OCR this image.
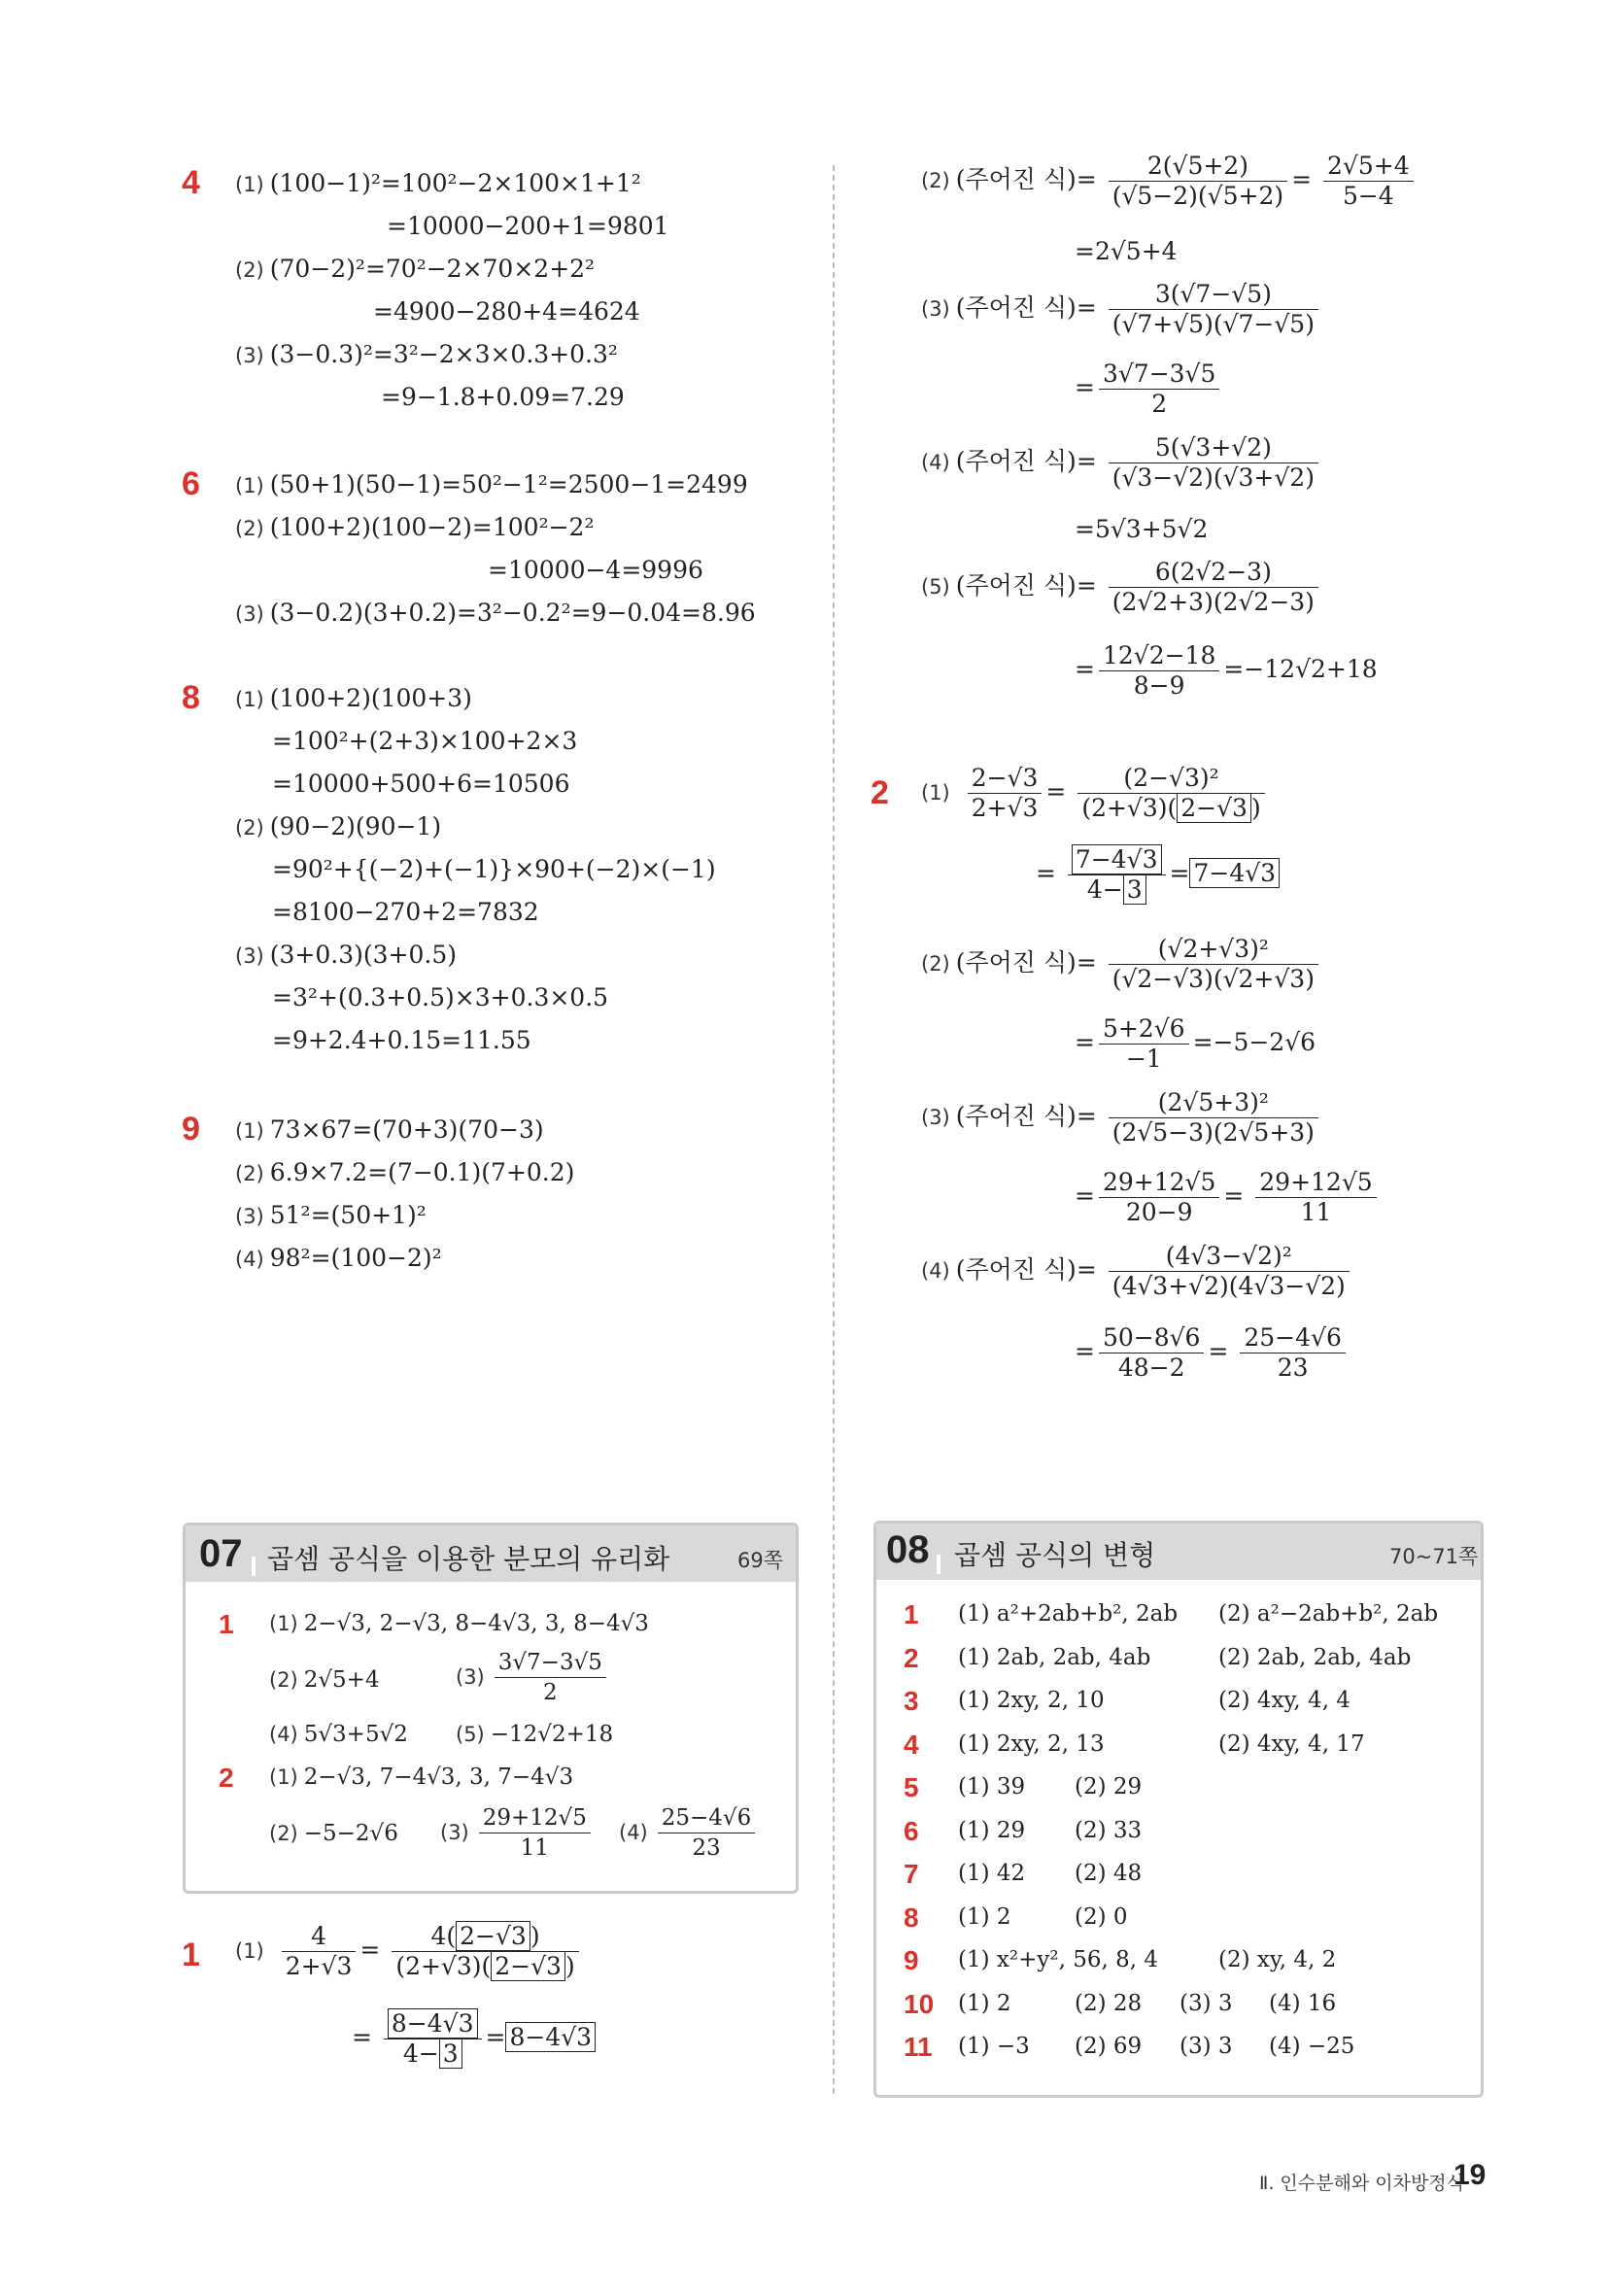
4 (1) (100−1)²=100²−2×100×1+1²
=10000−200+1=9801
(2) (70−2)²=70²−2×70×2+2²
=4900−280+4=4624
(3) (3−0.3)²=3²−2×3×0.3+0.3²
=9−1.8+0.09=7.29
6 (1) (50+1)(50−1)=50²−1²=2500−1=2499
(2) (100+2)(100−2)=100²−2²
=10000−4=9996
(3) (3−0.2)(3+0.2)=3²−0.2²=9−0.04=8.96
8 (1) (100+2)(100+3)
=100²+(2+3)×100+2×3
=10000+500+6=10506
(2) (90−2)(90−1)
=90²+{(−2)+(−1)}×90+(−2)×(−1)
=8100−270+2=7832
(3) (3+0.3)(3+0.5)
=3²+(0.3+0.5)×3+0.3×0.5
=9+2.4+0.15=11.55
9 (1) 73×67=(70+3)(70−3)
(2) 6.9×7.2=(7−0.1)(7+0.2)
(3) 51²=(50+1)²
(4) 98²=(100−2)²
(2) (주어진 식)= $\frac{2(√5+2)}{(√5-2)(√5+2)} = \frac{2√5+4}{5-4}$
=2√5+4
(3) (주어진 식)= $\frac{3(√7-√5)}{(√7+√5)(√7-√5)}$
= $\frac{3√7-3√5}{2}$
(4) (주어진 식)= $\frac{5(√3+√2)}{(√3-√2)(√3+√2)}$
=5√3+5√2
(5) (주어진 식)= $\frac{6(2√2-3)}{(2√2+3)(2√2-3)}$
= $\frac{12√2-18}{8-9} =-12√2+18$
2 $(1) \frac{2-√3}{2+√3} = \frac{\text{(2−√3)²}}{(2+√3)( 2-√3 )}$
= $\frac{7-4√3}{4- 3} = 7-4√3$
(2) (주어진 식)= $\frac{\text{(√2+√3)²}}{(√2-√3)(√2+√3)}$
= $\frac{5+2√6}{-1} =-5-2√6$
(3) (주어진 식)= $\frac{\text{(2√5+3)²}}{(2√5-3)(2√5+3)}$
= $\frac{29+12√5}{20-9} = \frac{29+12√5}{11}$
(4) (주어진 식)= $\frac{\text{(4√3−√2)²}}{(4√3+√2)(4√3-√2)}$
= $\frac{50-8√6}{48-2} = \frac{25-4√6}{23}$
07 곱셈 공식을 이용한 분모의 유리화	69쪽
1 (1) 2−√3, 2−√3, 8−4√3, 3, 8−4√3
(2) 2√5+4	$(3) \frac{3√7-3√5}{2}$
(4) 5√3+5√2 (5) −12√2+18
2 (1) 2−√3, 7−4√3, 3, 7−4√3
(2) −5−2√6 $(3) \frac{29+12√5}{11} (4) \frac{25-4√6}{23}$
1 $(1) \frac{4}{2+√3} = \frac{4( 2-√3 )}{(2+√3)( 2-√3 )}$
= $\frac{8-4√3}{4- 3} = 8-4√3$
08 곱셈 공식의 변형	70~71쪽
1 (1) a²+2ab+b², 2ab (2) a²−2ab+b², 2ab
2 (1) 2ab, 2ab, 4ab	(2) 2ab, 2ab, 4ab
3 (1) 2xy, 2, 10	(2) 4xy, 4, 4
4 (1) 2xy, 2, 13	(2) 4xy, 4, 17
5 (1) 39 (2) 29
6 (1) 29 (2) 33
7 (1) 42 (2) 48
8 (1) 2	(2) 0
9 (1) x²+y², 56, 8, 4	(2) xy, 4, 2
10 (1) 2	(2) 28 (3) 3 (4) 16
11 (1) −3 (2) 69 (3) 3 (4) −25
Ⅱ. 인수분해와 이차방정식
19
